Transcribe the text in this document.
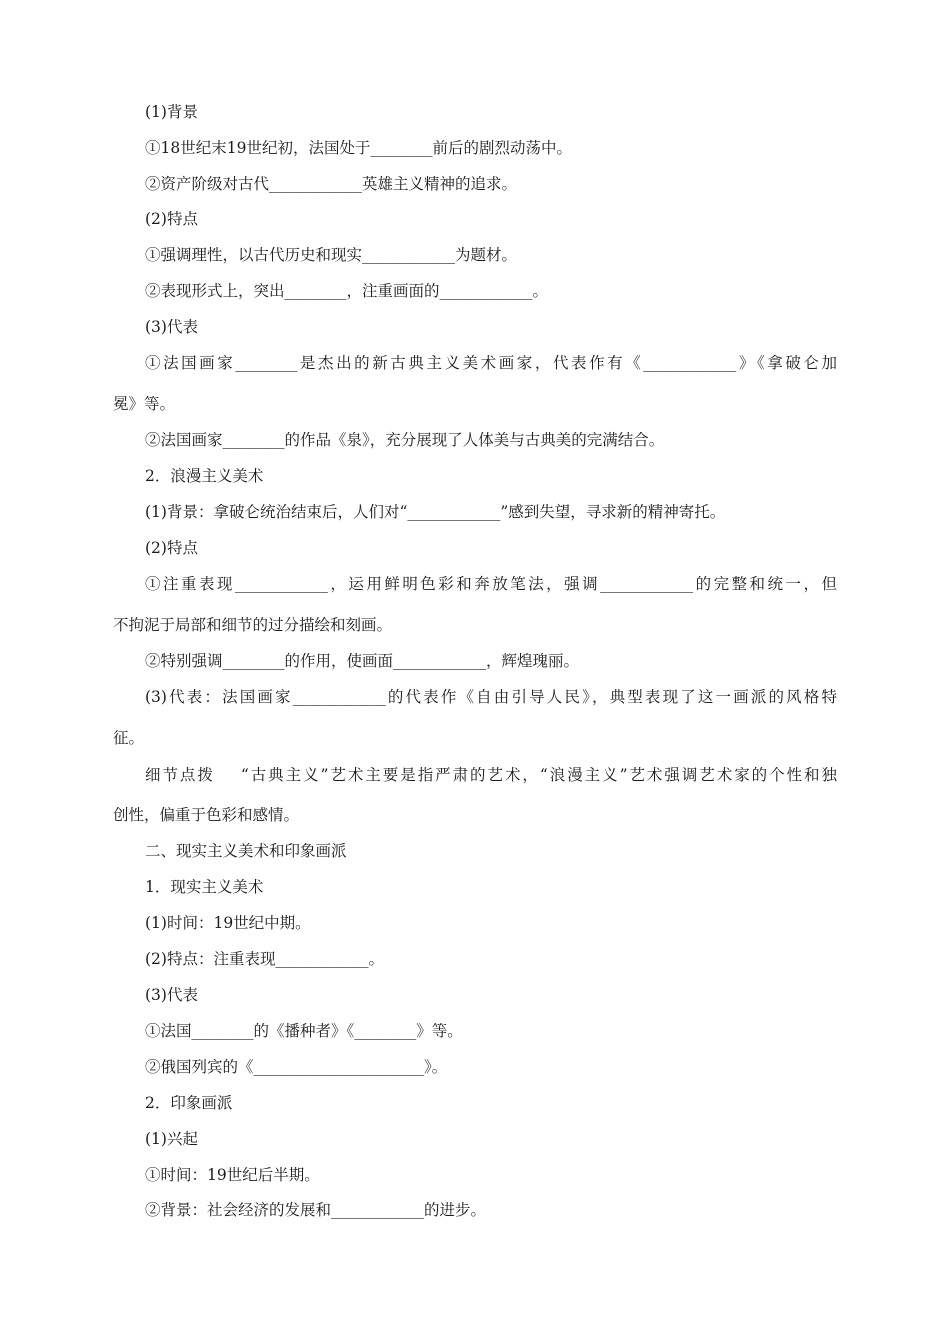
(1)背景
①18世纪末19世纪初，法国处于________前后的剧烈动荡中。
②资产阶级对古代____________英雄主义精神的追求。
(2)特点
①强调理性，以古代历史和现实____________为题材。
②表现形式上，突出________，注重画面的____________。
(3)代表
①法国画家________是杰出的新古典主义美术画家，代表作有《____________》《拿破仑加
冕》等。
②法国画家________的作品《泉》，充分展现了人体美与古典美的完满结合。
2．浪漫主义美术
(1)背景：拿破仑统治结束后，人们对“____________”感到失望，寻求新的精神寄托。
(2)特点
①注重表现____________，运用鲜明色彩和奔放笔法，强调____________的完整和统一，但
不拘泥于局部和细节的过分描绘和刻画。
②特别强调________的作用，使画面____________，辉煌瑰丽。
(3)代表：法国画家____________的代表作《自由引导人民》，典型表现了这一画派的风格特
征。
细节点拨 “古典主义”艺术主要是指严肃的艺术，“浪漫主义”艺术强调艺术家的个性和独
创性，偏重于色彩和感情。
二、现实主义美术和印象画派
1．现实主义美术
(1)时间：19世纪中期。
(2)特点：注重表现____________。
(3)代表
①法国________的《播种者》《________》等。
②俄国列宾的《______________________》。
2．印象画派
(1)兴起
①时间：19世纪后半期。
②背景：社会经济的发展和____________的进步。
